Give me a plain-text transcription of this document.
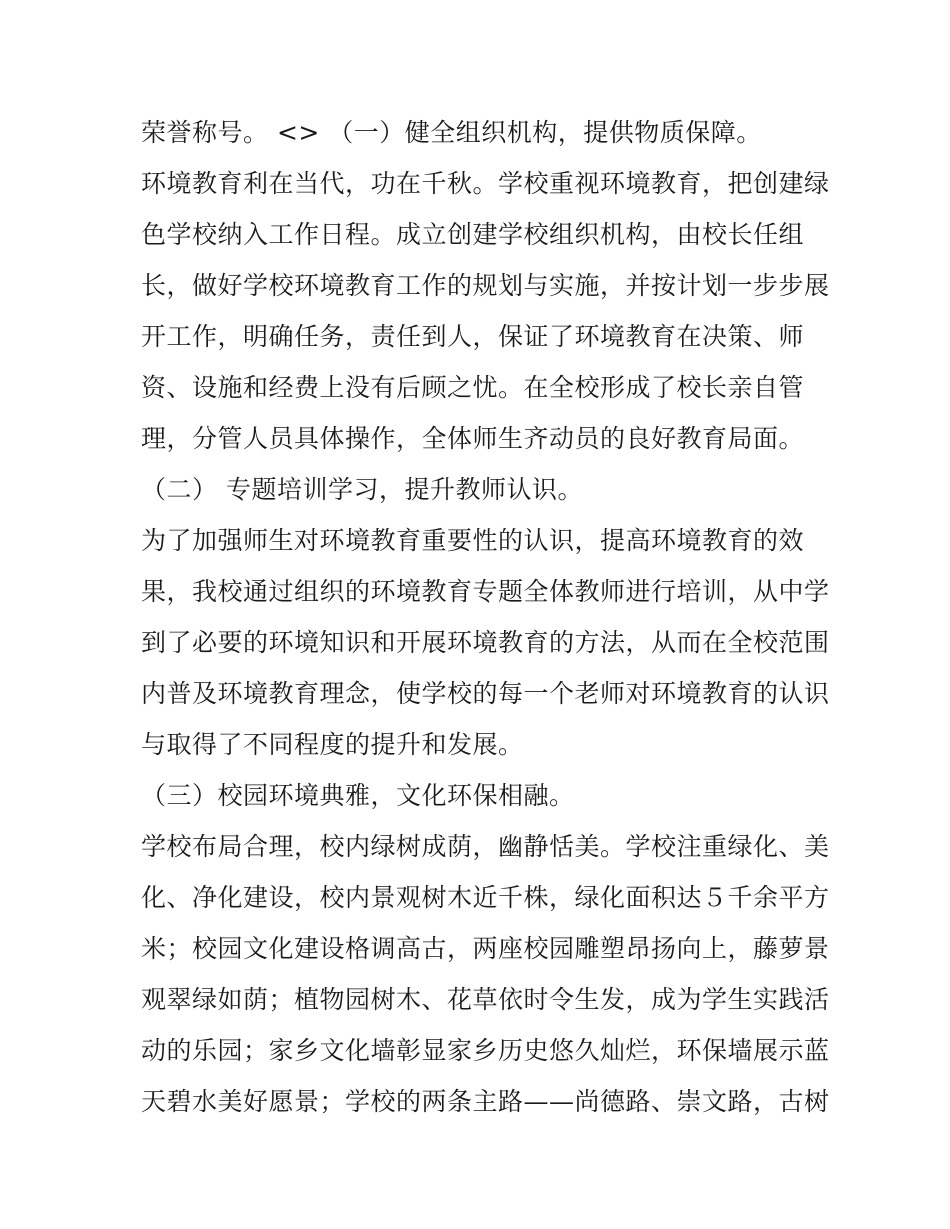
荣誉称号。 <> （一）健全组织机构，提供物质保障。
环境教育利在当代，功在千秋。学校重视环境教育，把创建绿
色学校纳入工作日程。成立创建学校组织机构，由校长任组
长，做好学校环境教育工作的规划与实施，并按计划一步步展
开工作，明确任务，责任到人，保证了环境教育在决策、师
资、设施和经费上没有后顾之忧。在全校形成了校长亲自管
理，分管人员具体操作，全体师生齐动员的良好教育局面。
（二） 专题培训学习，提升教师认识。
为了加强师生对环境教育重要性的认识，提高环境教育的效
果，我校通过组织的环境教育专题全体教师进行培训，从中学
到了必要的环境知识和开展环境教育的方法，从而在全校范围
内普及环境教育理念，使学校的每一个老师对环境教育的认识
与取得了不同程度的提升和发展。
（三）校园环境典雅，文化环保相融。
学校布局合理，校内绿树成荫，幽静恬美。学校注重绿化、美
化、净化建设，校内景观树木近千株，绿化面积达５千余平方
米；校园文化建设格调高古，两座校园雕塑昂扬向上，藤萝景
观翠绿如荫；植物园树木、花草依时令生发，成为学生实践活
动的乐园；家乡文化墙彰显家乡历史悠久灿烂，环保墙展示蓝
天碧水美好愿景；学校的两条主路——尚德路、崇文路，古树
